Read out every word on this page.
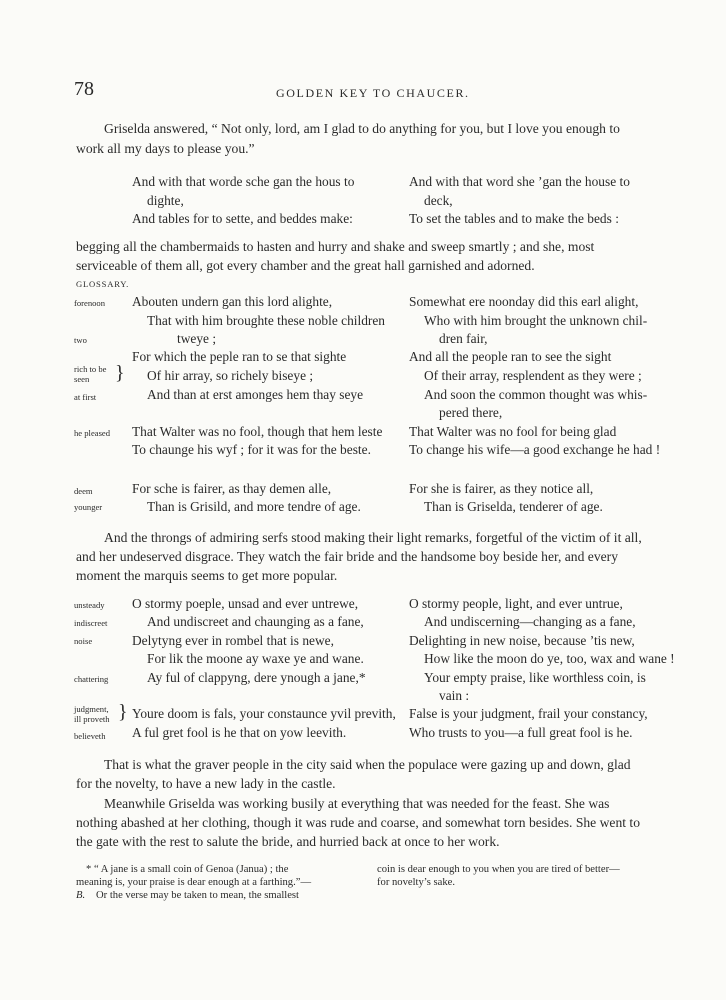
78	GOLDEN KEY TO CHAUCER.
Griselda answered, “ Not only, lord, am I glad to do anything for you, but I love you enough to
work all my days to please you.”
And with that worde sche gan the hous to
dighte,
And tables for to sette, and beddes make:
And with that word she ’gan the house to
deck,
To set the tables and to make the beds :
begging all the chambermaids to hasten and hurry and shake and sweep smartly ; and she, most
serviceable of them all, got every chamber and the great hall garnished and adorned.
GLOSSARY.
forenoon
two
rich to be
seen }
at first
he pleased
deem
younger
Abouten undern gan this lord alighte,
That with him broughte these noble children
tweye ;
For which the peple ran to se that sighte
Of hir array, so richely biseye ;
And than at erst amonges hem thay seye
That Walter was no fool, though that hem leste
To chaunge his wyf ; for it was for the beste.
For sche is fairer, as thay demen alle,
Than is Grisild, and more tendre of age.
Somewhat ere noonday did this earl alight,
Who with him brought the unknown chil-
dren fair,
And all the people ran to see the sight
Of their array, resplendent as they were ;
And soon the common thought was whis-
pered there,
That Walter was no fool for being glad
To change his wife—a good exchange he had !
For she is fairer, as they notice all,
Than is Griselda, tenderer of age.
And the throngs of admiring serfs stood making their light remarks, forgetful of the victim of it all,
and her undeserved disgrace. They watch the fair bride and the handsome boy beside her, and every
moment the marquis seems to get more popular.
unsteady
indiscreet
noise
chattering
judgment,
ill proveth }
believeth
O stormy poeple, unsad and ever untrewe,
And undiscreet and chaunging as a fane,
Delytyng ever in rombel that is newe,
For lik the moone ay waxe ye and wane.
Ay ful of clappyng, dere ynough a jane,*
Youre doom is fals, your constaunce yvil previth,
A ful gret fool is he that on yow leevith.
O stormy people, light, and ever untrue,
And undiscerning—changing as a fane,
Delighting in new noise, because ’tis new,
How like the moon do ye, too, wax and wane !
Your empty praise, like worthless coin, is
vain :
False is your judgment, frail your constancy,
Who trusts to you—a full great fool is he.
That is what the graver people in the city said when the populace were gazing up and down, glad
for the novelty, to have a new lady in the castle.
Meanwhile Griselda was working busily at everything that was needed for the feast. She was
nothing abashed at her clothing, though it was rude and coarse, and somewhat torn besides. She went to
the gate with the rest to salute the bride, and hurried back at once to her work.
* “ A jane is a small coin of Genoa (Janua) ; the
meaning is, your praise is dear enough at a farthing.”—
B. Or the verse may be taken to mean, the smallest
coin is dear enough to you when you are tired of better—
for novelty’s sake.
